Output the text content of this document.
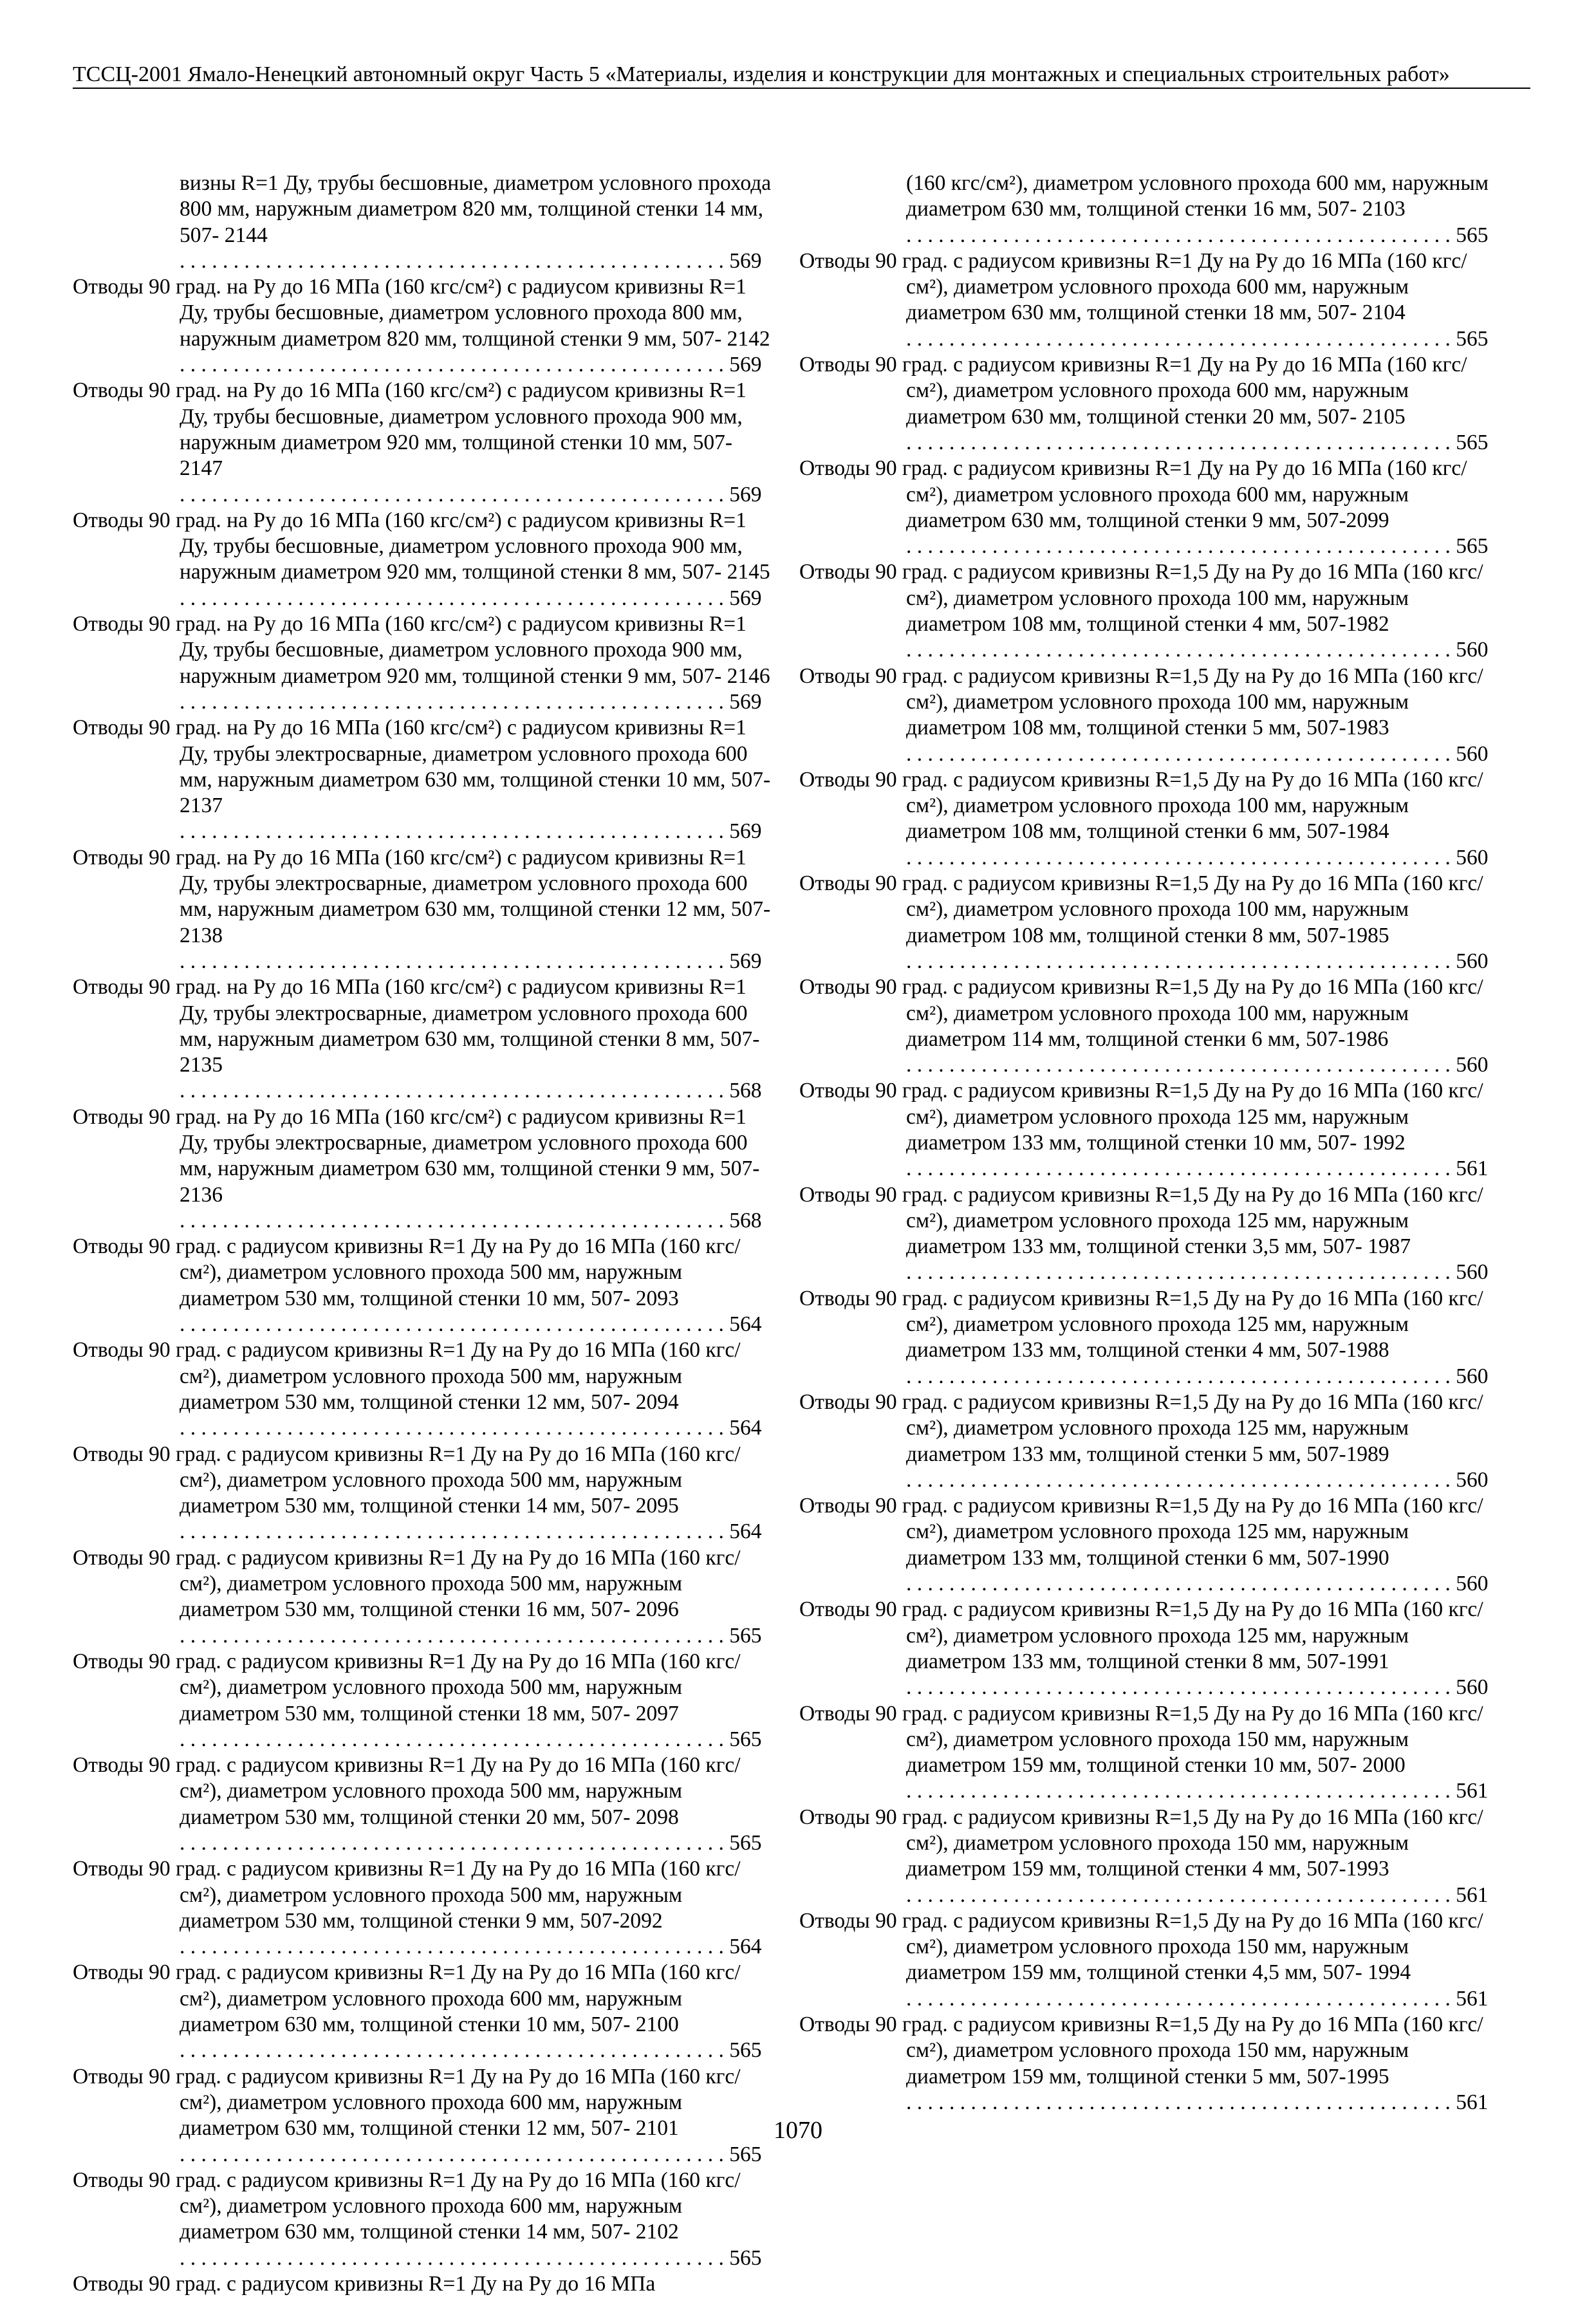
ТССЦ-2001 Ямало-Ненецкий автономный округ Часть 5 «Материалы, изделия и конструкции для монтажных и специальных строительных работ»
визны R=1 Ду, трубы бесшовные, диаметром условного прохода 800 мм, наружным диаметром 820 мм, толщиной стенки 14 мм, 507- 2144 . . . . . . . . . . . . . . . . . . . . . . . . . . . . . . . . . . . . . . . . . . . . . . . . . . . 569
Отводы 90 град. на Ру до 16 МПа (160 кгс/см²) с радиусом кривизны R=1 Ду, трубы бесшовные, диаметром условного прохода 800 мм, наружным диаметром 820 мм, толщиной стенки 9 мм, 507- 2142 . . . . . . . . . . . . . . . . . . . . . . . . . . . . . . . . . . . . . . . . . . . . . . . . . . . 569
Отводы 90 град. на Ру до 16 МПа (160 кгс/см²) с радиусом кривизны R=1 Ду, трубы бесшовные, диаметром условного прохода 900 мм, наружным диаметром 920 мм, толщиной стенки 10 мм, 507- 2147 . . . . . . . . . . . . . . . . . . . . . . . . . . . . . . . . . . . . . . . . . . . . . . . . . . . 569
Отводы 90 град. на Ру до 16 МПа (160 кгс/см²) с радиусом кривизны R=1 Ду, трубы бесшовные, диаметром условного прохода 900 мм, наружным диаметром 920 мм, толщиной стенки 8 мм, 507- 2145 . . . . . . . . . . . . . . . . . . . . . . . . . . . . . . . . . . . . . . . . . . . . . . . . . . . 569
Отводы 90 град. на Ру до 16 МПа (160 кгс/см²) с радиусом кривизны R=1 Ду, трубы бесшовные, диаметром условного прохода 900 мм, наружным диаметром 920 мм, толщиной стенки 9 мм, 507- 2146 . . . . . . . . . . . . . . . . . . . . . . . . . . . . . . . . . . . . . . . . . . . . . . . . . . . 569
Отводы 90 град. на Ру до 16 МПа (160 кгс/см²) с радиусом кривизны R=1 Ду, трубы электросварные, диаметром условного прохода 600 мм, наружным диаметром 630 мм, толщиной стенки 10 мм, 507- 2137 . . . . . . . . . . . . . . . . . . . . . . . . . . . . . . . . . . . . . . . . . . . . . . . . . . . 569
Отводы 90 град. на Ру до 16 МПа (160 кгс/см²) с радиусом кривизны R=1 Ду, трубы электросварные, диаметром условного прохода 600 мм, наружным диаметром 630 мм, толщиной стенки 12 мм, 507- 2138 . . . . . . . . . . . . . . . . . . . . . . . . . . . . . . . . . . . . . . . . . . . . . . . . . . . 569
Отводы 90 град. на Ру до 16 МПа (160 кгс/см²) с радиусом кривизны R=1 Ду, трубы электросварные, диаметром условного прохода 600 мм, наружным диаметром 630 мм, толщиной стенки 8 мм, 507- 2135 . . . . . . . . . . . . . . . . . . . . . . . . . . . . . . . . . . . . . . . . . . . . . . . . . . . 568
Отводы 90 град. на Ру до 16 МПа (160 кгс/см²) с радиусом кривизны R=1 Ду, трубы электросварные, диаметром условного прохода 600 мм, наружным диаметром 630 мм, толщиной стенки 9 мм, 507- 2136 . . . . . . . . . . . . . . . . . . . . . . . . . . . . . . . . . . . . . . . . . . . . . . . . . . . 568
Отводы 90 град. с радиусом кривизны R=1 Ду на Ру до 16 МПа (160 кгс/см²), диаметром условного прохода 500 мм, наружным диаметром 530 мм, толщиной стенки 10 мм, 507- 2093 . . . . . . . . . . . . . . . . . . . . . . . . . . . . . . . . . . . . . . . . . . . . . . . . . . . 564
Отводы 90 град. с радиусом кривизны R=1 Ду на Ру до 16 МПа (160 кгс/см²), диаметром условного прохода 500 мм, наружным диаметром 530 мм, толщиной стенки 12 мм, 507- 2094 . . . . . . . . . . . . . . . . . . . . . . . . . . . . . . . . . . . . . . . . . . . . . . . . . . . 564
Отводы 90 град. с радиусом кривизны R=1 Ду на Ру до 16 МПа (160 кгс/см²), диаметром условного прохода 500 мм, наружным диаметром 530 мм, толщиной стенки 14 мм, 507- 2095 . . . . . . . . . . . . . . . . . . . . . . . . . . . . . . . . . . . . . . . . . . . . . . . . . . . 564
Отводы 90 град. с радиусом кривизны R=1 Ду на Ру до 16 МПа (160 кгс/см²), диаметром условного прохода 500 мм, наружным диаметром 530 мм, толщиной стенки 16 мм, 507- 2096 . . . . . . . . . . . . . . . . . . . . . . . . . . . . . . . . . . . . . . . . . . . . . . . . . . . 565
Отводы 90 град. с радиусом кривизны R=1 Ду на Ру до 16 МПа (160 кгс/см²), диаметром условного прохода 500 мм, наружным диаметром 530 мм, толщиной стенки 18 мм, 507- 2097 . . . . . . . . . . . . . . . . . . . . . . . . . . . . . . . . . . . . . . . . . . . . . . . . . . . 565
Отводы 90 град. с радиусом кривизны R=1 Ду на Ру до 16 МПа (160 кгс/см²), диаметром условного прохода 500 мм, наружным диаметром 530 мм, толщиной стенки 20 мм, 507- 2098 . . . . . . . . . . . . . . . . . . . . . . . . . . . . . . . . . . . . . . . . . . . . . . . . . . . 565
Отводы 90 град. с радиусом кривизны R=1 Ду на Ру до 16 МПа (160 кгс/см²), диаметром условного прохода 500 мм, наружным диаметром 530 мм, толщиной стенки 9 мм, 507-2092 . . . . . . . . . . . . . . . . . . . . . . . . . . . . . . . . . . . . . . . . . . . . . . . . . . . 564
Отводы 90 град. с радиусом кривизны R=1 Ду на Ру до 16 МПа (160 кгс/см²), диаметром условного прохода 600 мм, наружным диаметром 630 мм, толщиной стенки 10 мм, 507- 2100 . . . . . . . . . . . . . . . . . . . . . . . . . . . . . . . . . . . . . . . . . . . . . . . . . . . 565
Отводы 90 град. с радиусом кривизны R=1 Ду на Ру до 16 МПа (160 кгс/см²), диаметром условного прохода 600 мм, наружным диаметром 630 мм, толщиной стенки 12 мм, 507- 2101 . . . . . . . . . . . . . . . . . . . . . . . . . . . . . . . . . . . . . . . . . . . . . . . . . . . 565
Отводы 90 град. с радиусом кривизны R=1 Ду на Ру до 16 МПа (160 кгс/см²), диаметром условного прохода 600 мм, наружным диаметром 630 мм, толщиной стенки 14 мм, 507- 2102 . . . . . . . . . . . . . . . . . . . . . . . . . . . . . . . . . . . . . . . . . . . . . . . . . . . 565
Отводы 90 град. с радиусом кривизны R=1 Ду на Ру до 16 МПа
(160 кгс/см²), диаметром условного прохода 600 мм, наружным диаметром 630 мм, толщиной стенки 16 мм, 507- 2103 . . . . . . . . . . . . . . . . . . . . . . . . . . . . . . . . . . . . . . . . . . . . . . . . . . . 565
Отводы 90 град. с радиусом кривизны R=1 Ду на Ру до 16 МПа (160 кгс/см²), диаметром условного прохода 600 мм, наружным диаметром 630 мм, толщиной стенки 18 мм, 507- 2104 . . . . . . . . . . . . . . . . . . . . . . . . . . . . . . . . . . . . . . . . . . . . . . . . . . . 565
Отводы 90 град. с радиусом кривизны R=1 Ду на Ру до 16 МПа (160 кгс/см²), диаметром условного прохода 600 мм, наружным диаметром 630 мм, толщиной стенки 20 мм, 507- 2105 . . . . . . . . . . . . . . . . . . . . . . . . . . . . . . . . . . . . . . . . . . . . . . . . . . . 565
Отводы 90 град. с радиусом кривизны R=1 Ду на Ру до 16 МПа (160 кгс/см²), диаметром условного прохода 600 мм, наружным диаметром 630 мм, толщиной стенки 9 мм, 507-2099 . . . . . . . . . . . . . . . . . . . . . . . . . . . . . . . . . . . . . . . . . . . . . . . . . . . 565
Отводы 90 град. с радиусом кривизны R=1,5 Ду на Ру до 16 МПа (160 кгс/см²), диаметром условного прохода 100 мм, наружным диаметром 108 мм, толщиной стенки 4 мм, 507-1982 . . . . . . . . . . . . . . . . . . . . . . . . . . . . . . . . . . . . . . . . . . . . . . . . . . . 560
Отводы 90 град. с радиусом кривизны R=1,5 Ду на Ру до 16 МПа (160 кгс/см²), диаметром условного прохода 100 мм, наружным диаметром 108 мм, толщиной стенки 5 мм, 507-1983 . . . . . . . . . . . . . . . . . . . . . . . . . . . . . . . . . . . . . . . . . . . . . . . . . . . 560
Отводы 90 град. с радиусом кривизны R=1,5 Ду на Ру до 16 МПа (160 кгс/см²), диаметром условного прохода 100 мм, наружным диаметром 108 мм, толщиной стенки 6 мм, 507-1984 . . . . . . . . . . . . . . . . . . . . . . . . . . . . . . . . . . . . . . . . . . . . . . . . . . . 560
Отводы 90 град. с радиусом кривизны R=1,5 Ду на Ру до 16 МПа (160 кгс/см²), диаметром условного прохода 100 мм, наружным диаметром 108 мм, толщиной стенки 8 мм, 507-1985 . . . . . . . . . . . . . . . . . . . . . . . . . . . . . . . . . . . . . . . . . . . . . . . . . . . 560
Отводы 90 град. с радиусом кривизны R=1,5 Ду на Ру до 16 МПа (160 кгс/см²), диаметром условного прохода 100 мм, наружным диаметром 114 мм, толщиной стенки 6 мм, 507-1986 . . . . . . . . . . . . . . . . . . . . . . . . . . . . . . . . . . . . . . . . . . . . . . . . . . . 560
Отводы 90 град. с радиусом кривизны R=1,5 Ду на Ру до 16 МПа (160 кгс/см²), диаметром условного прохода 125 мм, наружным диаметром 133 мм, толщиной стенки 10 мм, 507- 1992 . . . . . . . . . . . . . . . . . . . . . . . . . . . . . . . . . . . . . . . . . . . . . . . . . . . 561
Отводы 90 град. с радиусом кривизны R=1,5 Ду на Ру до 16 МПа (160 кгс/см²), диаметром условного прохода 125 мм, наружным диаметром 133 мм, толщиной стенки 3,5 мм, 507- 1987 . . . . . . . . . . . . . . . . . . . . . . . . . . . . . . . . . . . . . . . . . . . . . . . . . . . 560
Отводы 90 град. с радиусом кривизны R=1,5 Ду на Ру до 16 МПа (160 кгс/см²), диаметром условного прохода 125 мм, наружным диаметром 133 мм, толщиной стенки 4 мм, 507-1988 . . . . . . . . . . . . . . . . . . . . . . . . . . . . . . . . . . . . . . . . . . . . . . . . . . . 560
Отводы 90 град. с радиусом кривизны R=1,5 Ду на Ру до 16 МПа (160 кгс/см²), диаметром условного прохода 125 мм, наружным диаметром 133 мм, толщиной стенки 5 мм, 507-1989 . . . . . . . . . . . . . . . . . . . . . . . . . . . . . . . . . . . . . . . . . . . . . . . . . . . 560
Отводы 90 град. с радиусом кривизны R=1,5 Ду на Ру до 16 МПа (160 кгс/см²), диаметром условного прохода 125 мм, наружным диаметром 133 мм, толщиной стенки 6 мм, 507-1990 . . . . . . . . . . . . . . . . . . . . . . . . . . . . . . . . . . . . . . . . . . . . . . . . . . . 560
Отводы 90 град. с радиусом кривизны R=1,5 Ду на Ру до 16 МПа (160 кгс/см²), диаметром условного прохода 125 мм, наружным диаметром 133 мм, толщиной стенки 8 мм, 507-1991 . . . . . . . . . . . . . . . . . . . . . . . . . . . . . . . . . . . . . . . . . . . . . . . . . . . 560
Отводы 90 град. с радиусом кривизны R=1,5 Ду на Ру до 16 МПа (160 кгс/см²), диаметром условного прохода 150 мм, наружным диаметром 159 мм, толщиной стенки 10 мм, 507- 2000 . . . . . . . . . . . . . . . . . . . . . . . . . . . . . . . . . . . . . . . . . . . . . . . . . . . 561
Отводы 90 град. с радиусом кривизны R=1,5 Ду на Ру до 16 МПа (160 кгс/см²), диаметром условного прохода 150 мм, наружным диаметром 159 мм, толщиной стенки 4 мм, 507-1993 . . . . . . . . . . . . . . . . . . . . . . . . . . . . . . . . . . . . . . . . . . . . . . . . . . . 561
Отводы 90 град. с радиусом кривизны R=1,5 Ду на Ру до 16 МПа (160 кгс/см²), диаметром условного прохода 150 мм, наружным диаметром 159 мм, толщиной стенки 4,5 мм, 507- 1994 . . . . . . . . . . . . . . . . . . . . . . . . . . . . . . . . . . . . . . . . . . . . . . . . . . . 561
Отводы 90 град. с радиусом кривизны R=1,5 Ду на Ру до 16 МПа (160 кгс/см²), диаметром условного прохода 150 мм, наружным диаметром 159 мм, толщиной стенки 5 мм, 507-1995 . . . . . . . . . . . . . . . . . . . . . . . . . . . . . . . . . . . . . . . . . . . . . . . . . . . 561
1070
